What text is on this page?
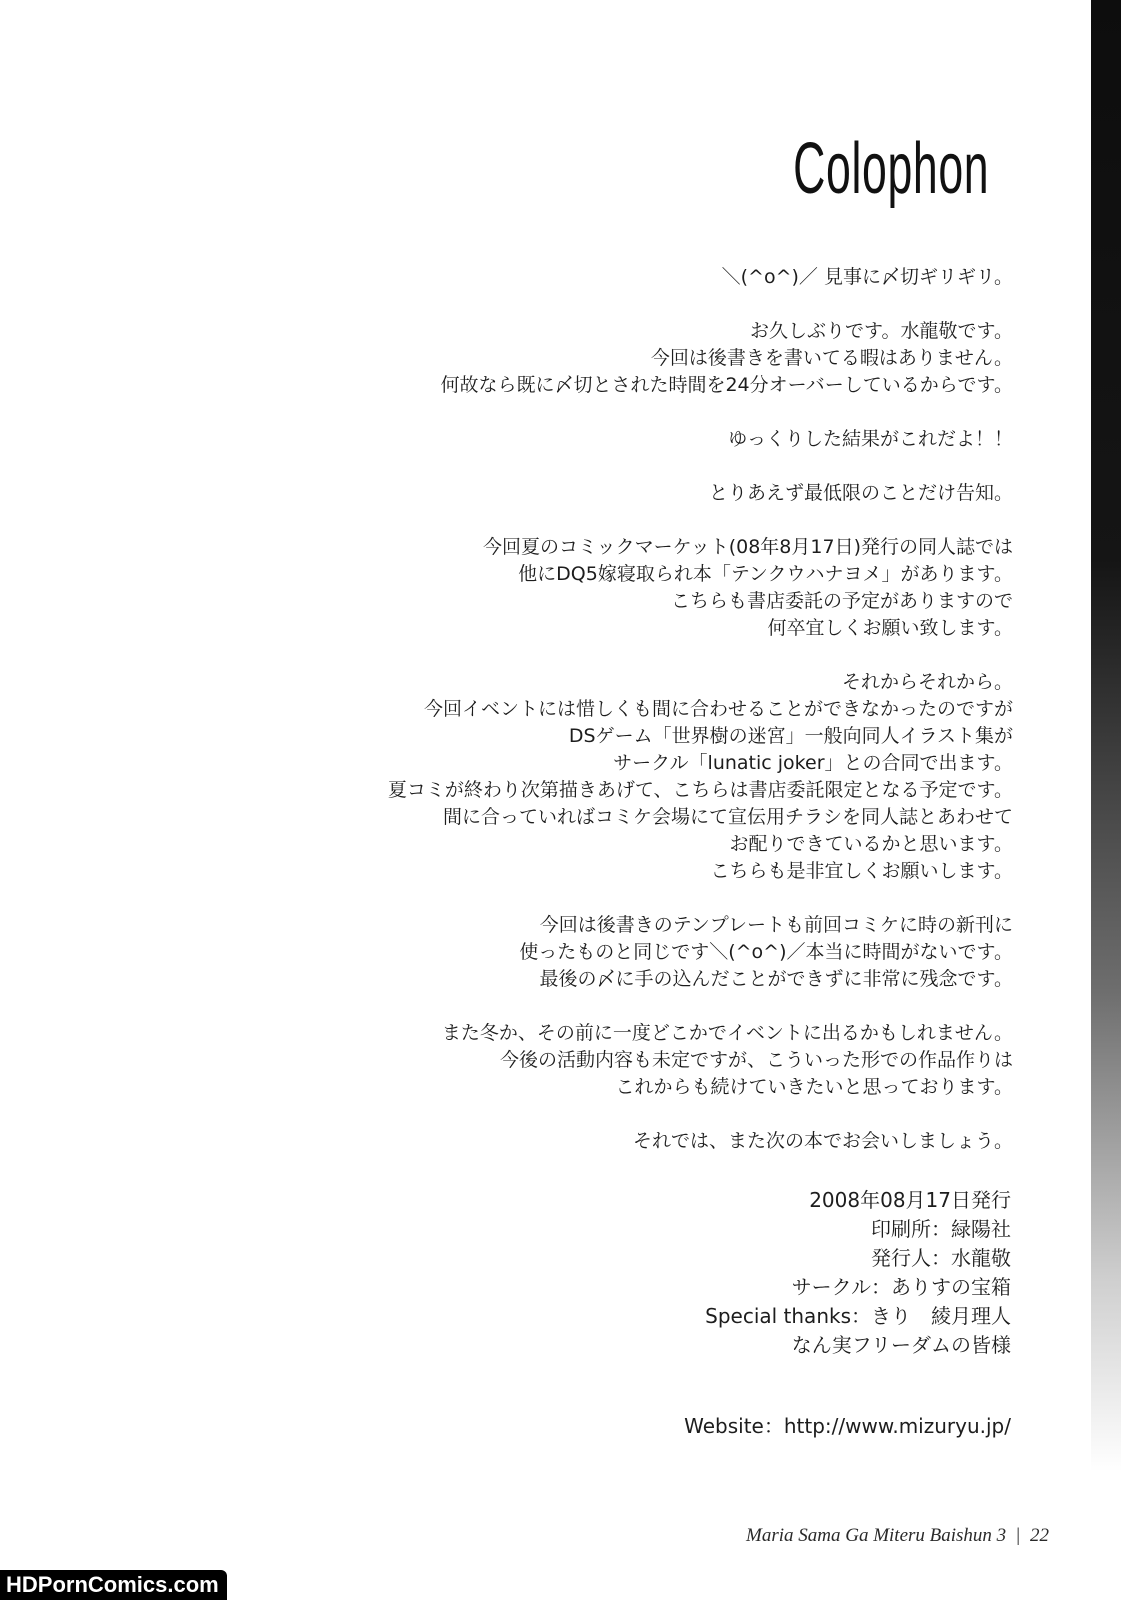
Colophon
＼(^o^)／ 見事に〆切ギリギリ。
お久しぶりです。水龍敬です。
今回は後書きを書いてる暇はありません。
何故なら既に〆切とされた時間を24分オーバーしているからです。
ゆっくりした結果がこれだよ！！
とりあえず最低限のことだけ告知。
今回夏のコミックマーケット(08年8月17日)発行の同人誌では
他にDQ5嫁寝取られ本「テンクウハナヨメ」があります。
こちらも書店委託の予定がありますので
何卒宜しくお願い致します。
それからそれから。
今回イベントには惜しくも間に合わせることができなかったのですが
DSゲーム「世界樹の迷宮」一般向同人イラスト集が
サークル「lunatic joker」との合同で出ます。
夏コミが終わり次第描きあげて、こちらは書店委託限定となる予定です。
間に合っていればコミケ会場にて宣伝用チラシを同人誌とあわせて
お配りできているかと思います。
こちらも是非宜しくお願いします。
今回は後書きのテンプレートも前回コミケに時の新刊に
使ったものと同じです＼(^o^)／本当に時間がないです。
最後の〆に手の込んだことができずに非常に残念です。
また冬か、その前に一度どこかでイベントに出るかもしれません。
今後の活動内容も未定ですが、こういった形での作品作りは
これからも続けていきたいと思っております。
それでは、また次の本でお会いしましょう。
2008年08月17日発行
印刷所：緑陽社
発行人：水龍敬
サークル：ありすの宝箱
Special thanks：きり　綾月理人
なん実フリーダムの皆様
Website：http://www.mizuryu.jp/
Maria Sama Ga Miteru Baishun 3 | 22
HDPornComics.com
